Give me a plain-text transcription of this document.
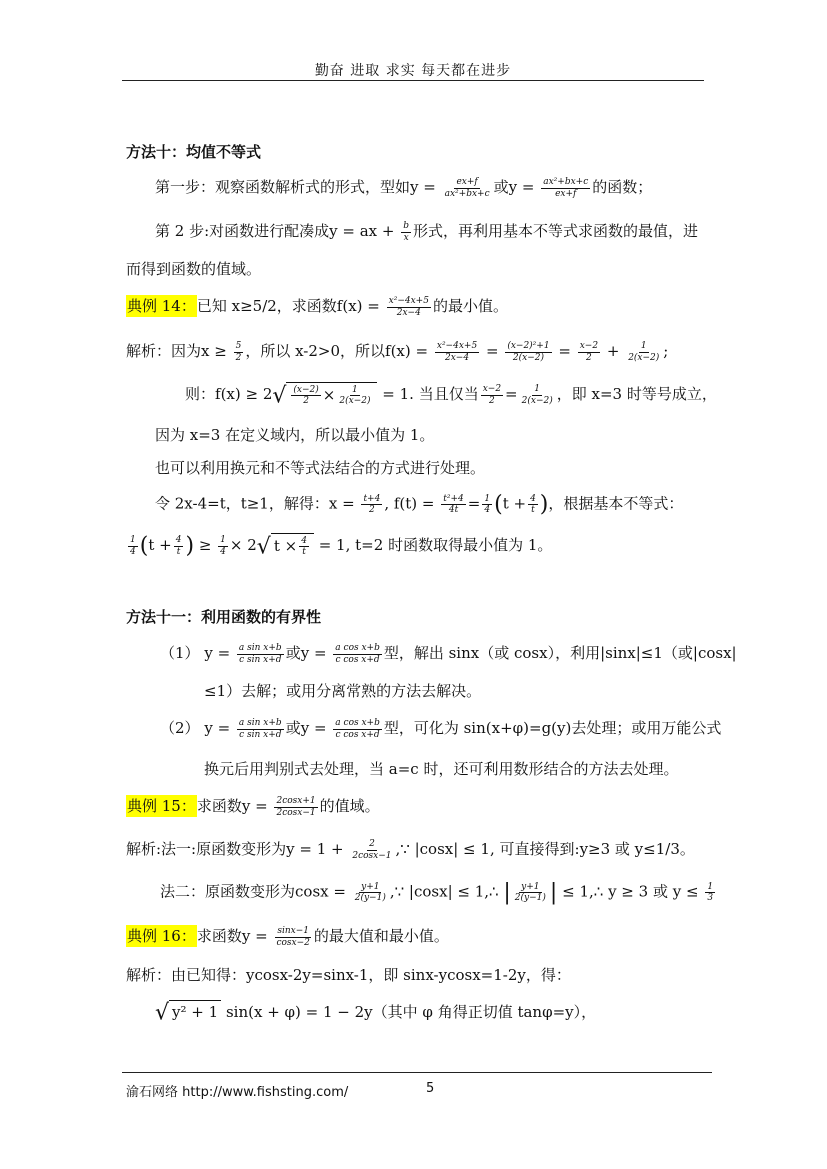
勤奋 进取 求实 每天都在进步
方法十：均值不等式
第一步：观察函数解析式的形式，型如$y = \frac{ex+f}{\text{ax²+bx+c}}$ 或$y = \frac{\text{ax²+bx+c}}{ex+f}$ 的函数；
第 2 步:对函数进行配凑成y = ax + $\frac{b}{x}$ 形式，再利用基本不等式求函数的最值，进
而得到函数的值域。
典例 14：已知 x≥5/2，求函数$f(x) = \frac{\text{x²−4x+5}}{2x-4}$ 的最小值。
解析：因为$x \ge \frac{5}{2}$ ，所以 x-2>0，所以$f(x) = \frac{\text{x²−4x+5}}{2x-4} = \frac{\text{(x−2)²+1}}{2(x-2)} = \frac{x-2}{2} + \frac{1}{2(x-2)}$ ;
则：$f(x) \ge 2√ \frac{(x-2)}{2} \times \frac{1}{2(x-2)} = 1$. 当且仅当 $\frac{x-2}{2} = \frac{1}{2(x-2)}$ ，即 x=3 时等号成立，
因为 x=3 在定义域内，所以最小值为 1。
也可以利用换元和不等式法结合的方式进行处理。
令 2x-4=t，t≥1，解得：$x = \frac{t+4}{2}$ , $f(t) = \frac{\text{t²+4}}{4t} = \frac{1}{4} (t + \frac{4}{t}$ )，根据基本不等式：
$\frac{1}{4} (t + \frac{4}{t}$ ) ≥ $\frac{1}{4} \times 2√$ $t \times \frac{4}{t} = 1$, t=2 时函数取得最小值为 1。
方法十一：利用函数的有界性
（1） $y = \frac{\text{a sin x+b}}{\text{c sin x+d}}$ 或$y = \frac{\text{a cos x+b}}{\text{c cos x+d}}$ 型，解出 sinx（或 cosx），利用|sinx|≤1（或|cosx|
≤1）去解；或用分离常熟的方法去解决。
（2） $y = \frac{\text{a sin x+b}}{\text{c sin x+d}}$ 或$y = \frac{\text{a cos x+b}}{\text{c cos x+d}}$ 型，可化为 sin(x+φ)=g(y)去处理；或用万能公式
换元后用判别式去处理，当 a=c 时，还可利用数形结合的方法去处理。
典例 15：求函数$y = \frac{2\cos x+1}{2\cos x-1}$ 的值域。
解析:法一:原函数变形为$y = 1 + \frac{2}{2\cos x-1}$ ,∵ |cosx| ≤ 1, 可直接得到:y≥3 或 y≤1/3。
法二：原函数变形为$\cos x = \frac{y+1}{2(y-1)}$ ,∵ |cosx| ≤ 1,∴ | $\frac{y+1}{2(y-1)}$ | ≤ 1,∴ y ≥ 3 或 $y \le \frac{1}{3}$
典例 16：求函数$y = \frac{\sin x-1}{\cos x-2}$ 的最大值和最小值。
解析：由已知得：ycosx-2y=sinx-1，即 sinx-ycosx=1-2y，得：
√ y² + 1 sin(x + φ) = 1 − 2y（其中 φ 角得正切值 tanφ=y），
渝石网络 http://www.fishsting.com/	5
